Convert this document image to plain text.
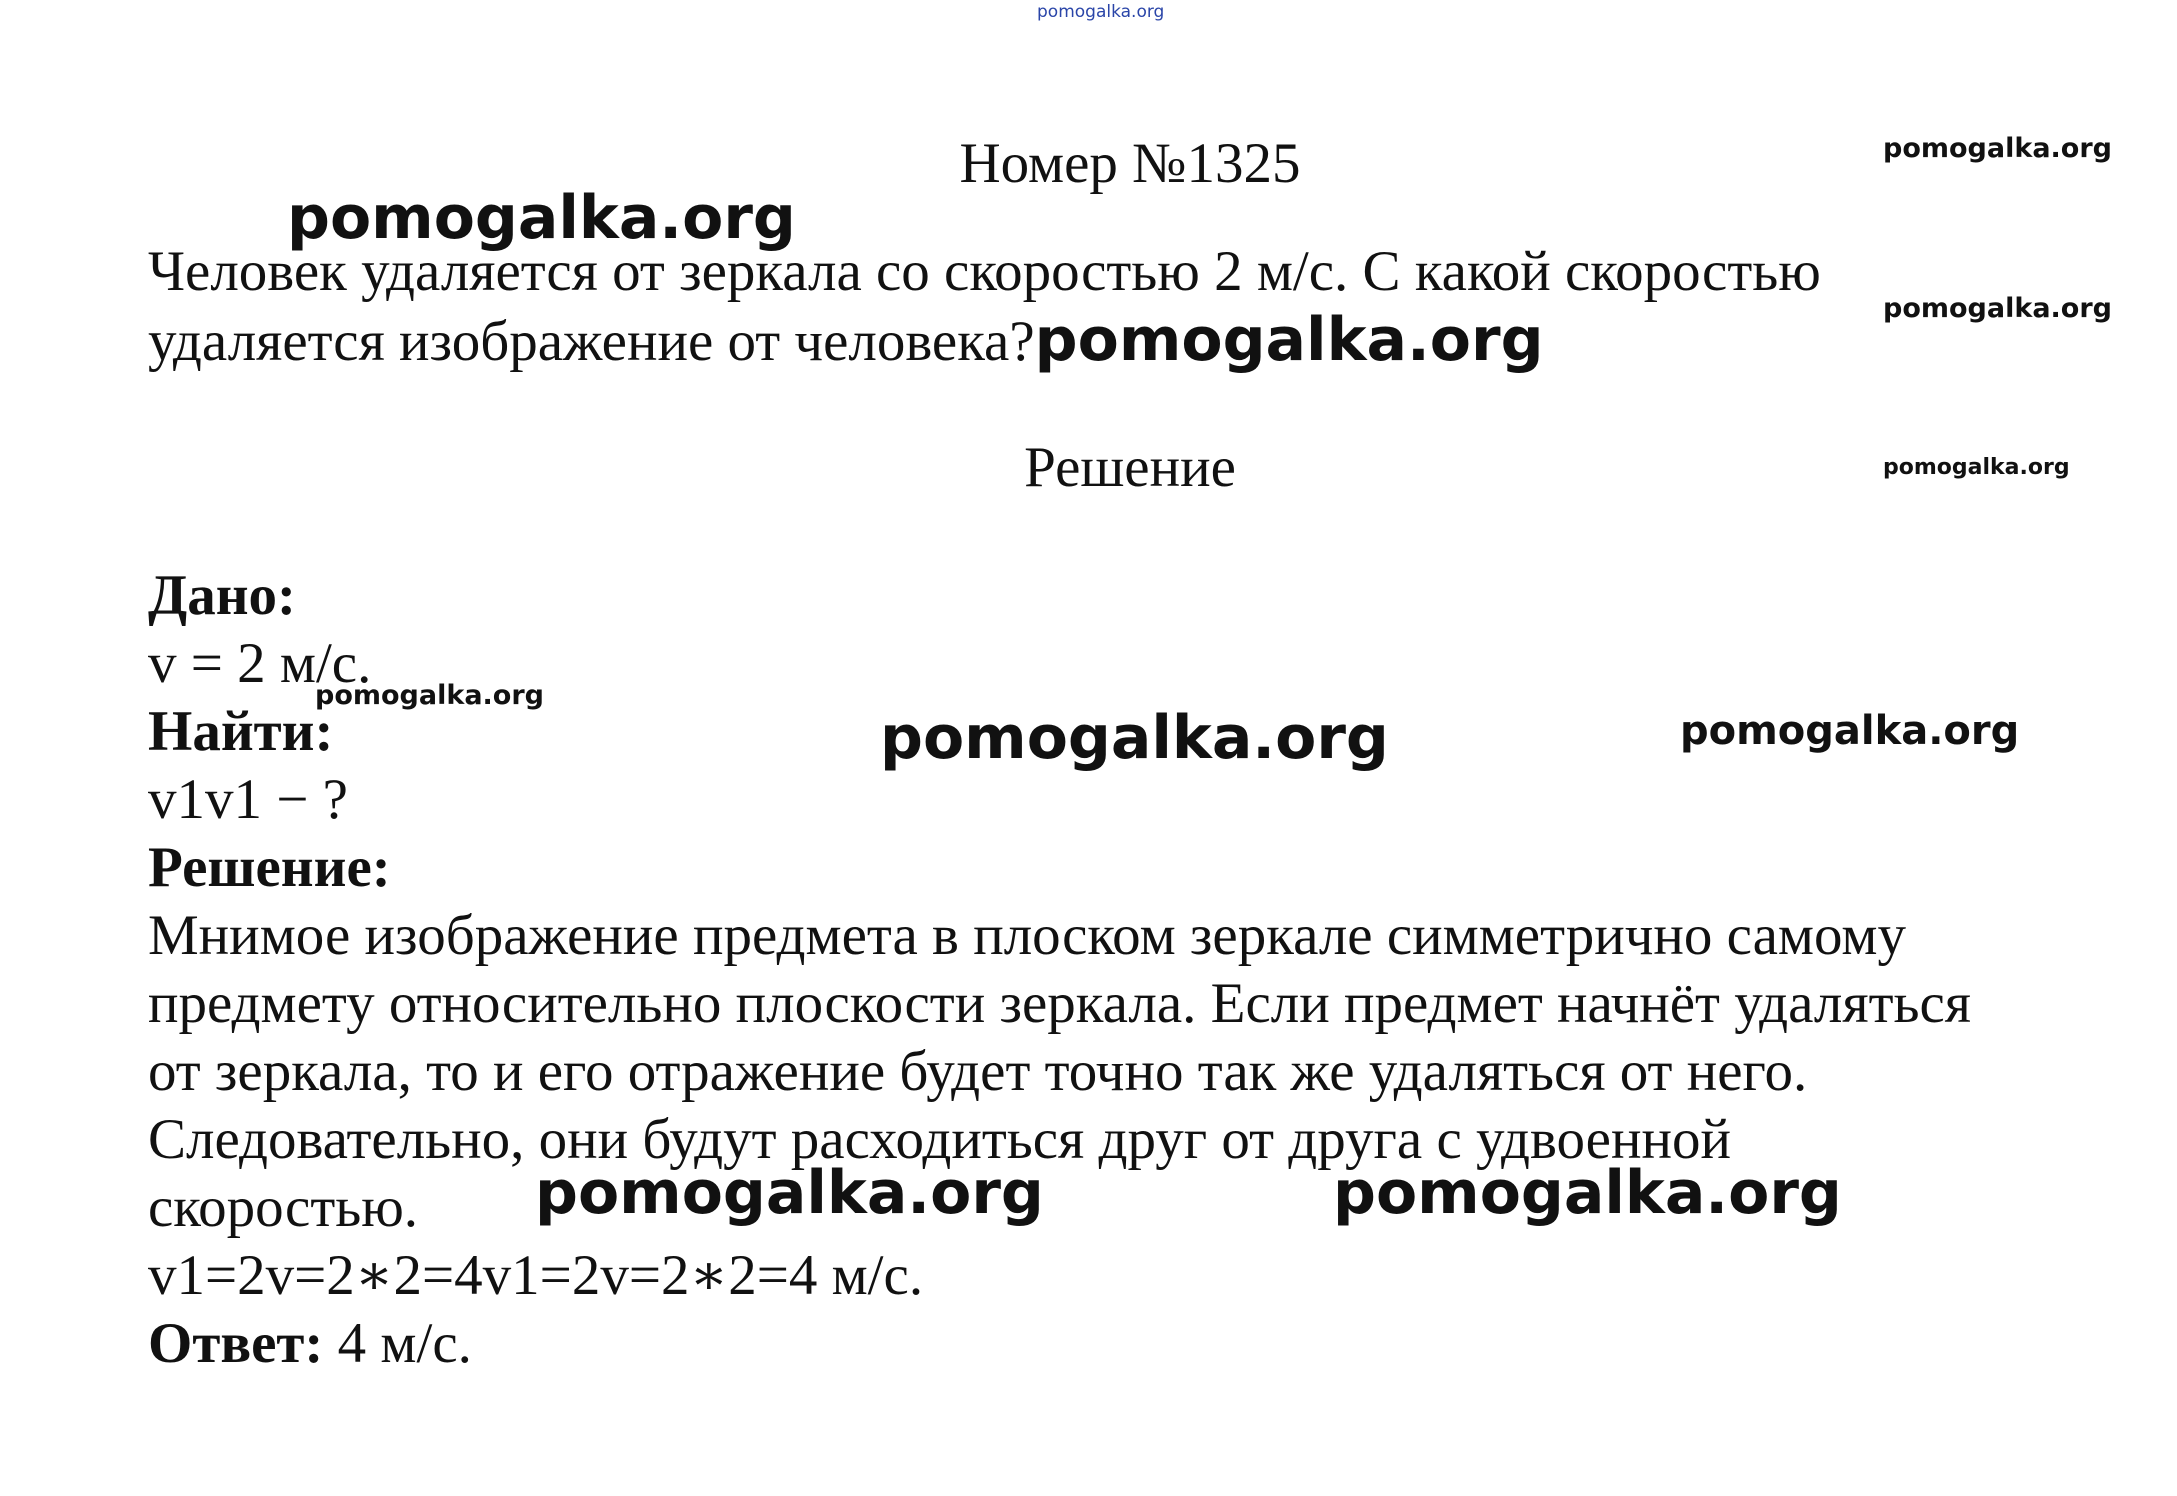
pomogalka.org
pomogalka.org
pomogalka.org
pomogalka.org
pomogalka.org
pomogalka.org
pomogalka.org	pomogalka.org
pomogalka.org	pomogalka.org
Номер №1325
Человек удаляется от зеркала со скоростью 2 м/с. С какой скоростью
удаляется изображение от человека?pomogalka.org
Решение
Дано:
v = 2 м/с.
Найти:
v1v1 − ?
Решение:
Мнимое изображение предмета в плоском зеркале симметрично самому
предмету относительно плоскости зеркала. Если предмет начнёт удаляться
от зеркала, то и его отражение будет точно так же удаляться от него.
Следовательно, они будут расходиться друг от друга с удвоенной
скоростью.
v1=2v=2∗2=4v1=2v=2∗2=4 м/с.
Ответ: 4 м/с.
